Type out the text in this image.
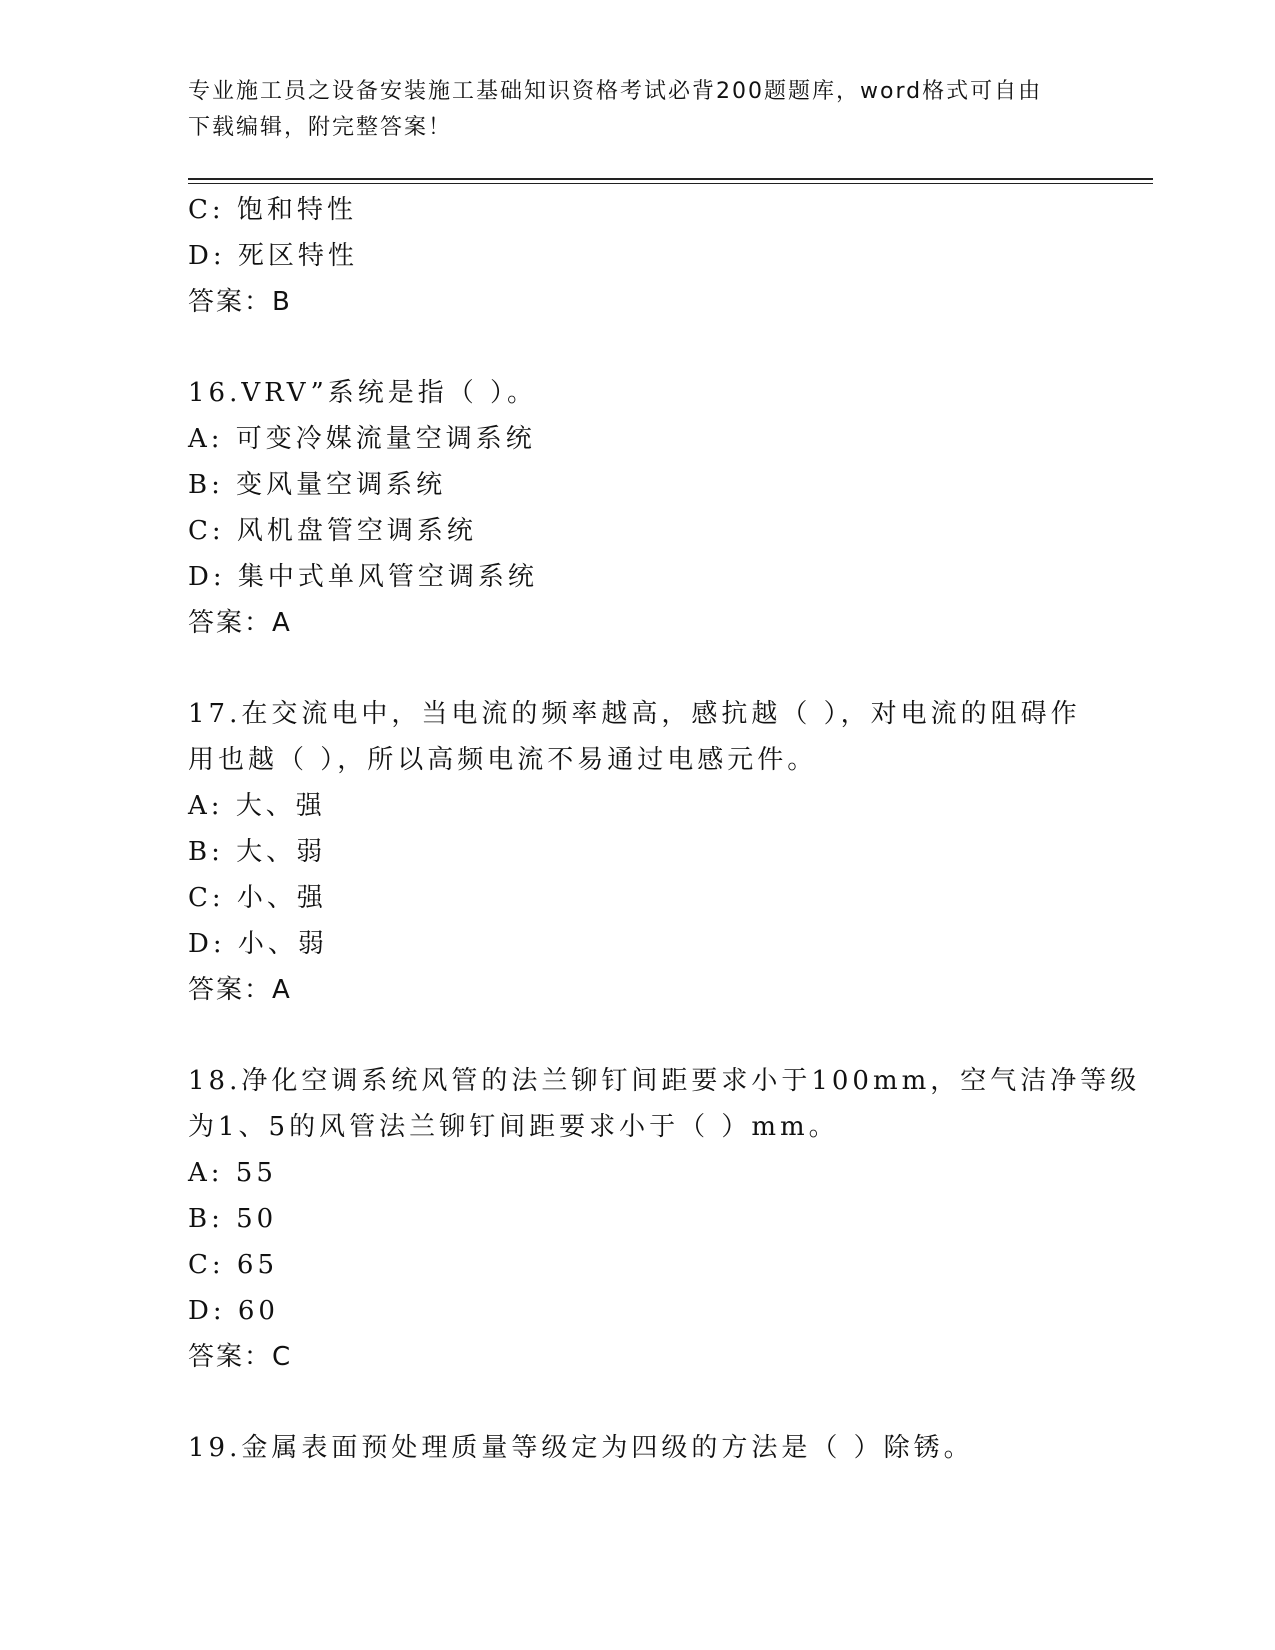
专业施工员之设备安装施工基础知识资格考试必背200题题库，word格式可自由
下载编辑，附完整答案！
C: 饱和特性
D: 死区特性
答案：B
16.VRV”系统是指（ ）。
A: 可变冷媒流量空调系统
B: 变风量空调系统
C: 风机盘管空调系统
D: 集中式单风管空调系统
答案：A
17.在交流电中，当电流的频率越高，感抗越（ ），对电流的阻碍作
用也越（ ），所以高频电流不易通过电感元件。
A: 大、强
B: 大、弱
C: 小、强
D: 小、弱
答案：A
18.净化空调系统风管的法兰铆钉间距要求小于100mm，空气洁净等级
为1、5的风管法兰铆钉间距要求小于（ ）mm。
A: 55
B: 50
C: 65
D: 60
答案：C
19.金属表面预处理质量等级定为四级的方法是（ ）除锈。
